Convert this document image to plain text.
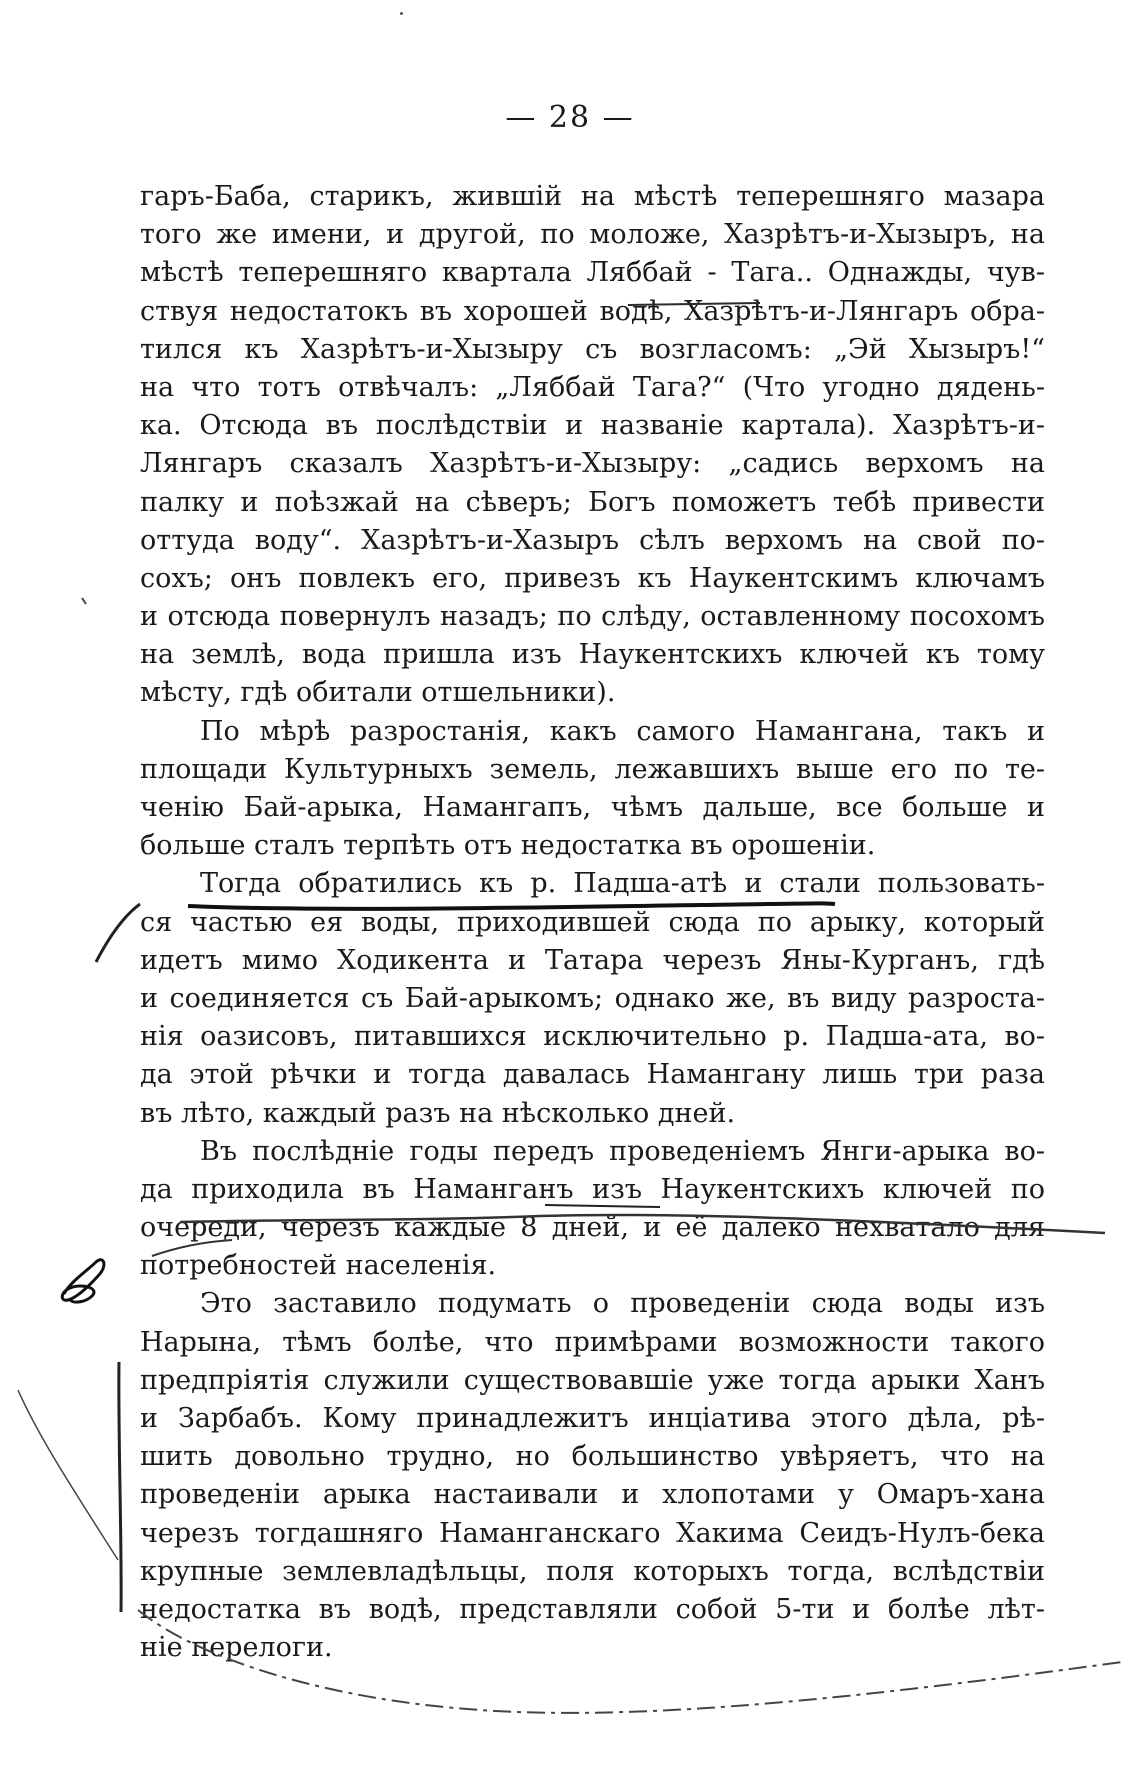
— 28 —
гаръ-Баба, старикъ, жившій на мѣстѣ теперешняго мазара
того же имени, и другой, по моложе, Хазрѣтъ-и-Хызыръ, на
мѣстѣ теперешняго квартала Ляббай - Тага.. Однажды, чув-
ствуя недостатокъ въ хорошей водѣ, Хазрѣтъ-и-Лянгаръ обра-
тился къ Хазрѣтъ-и-Хызыру съ возгласомъ: „Эй Хызыръ!“
на что тотъ отвѣчалъ: „Ляббай Тага?“ (Что угодно дядень-
ка. Отсюда въ послѣдствіи и названіе картала). Хазрѣтъ-и-
Лянгаръ сказалъ Хазрѣтъ-и-Хызыру: „садись верхомъ на
палку и поѣзжай на сѣверъ; Богъ поможетъ тебѣ привести
оттуда воду“. Хазрѣтъ-и-Хазыръ сѣлъ верхомъ на свой по-
сохъ; онъ повлекъ его, привезъ къ Наукентскимъ ключамъ
и отсюда повернулъ назадъ; по слѣду, оставленному посохомъ
на землѣ, вода пришла изъ Наукентскихъ ключей къ тому
мѣсту, гдѣ обитали отшельники).
По мѣрѣ разростанія, какъ самого Намангана, такъ и
площади Культурныхъ земель, лежавшихъ выше его по те-
ченію Бай-арыка, Намангапъ, чѣмъ дальше, все больше и
больше сталъ терпѣть отъ недостатка въ орошеніи.
Тогда обратились къ р. Падша-атѣ и стали пользовать-
ся частью ея воды, приходившей сюда по арыку, который
идетъ мимо Ходикента и Татара черезъ Яны-Курганъ, гдѣ
и соединяется съ Бай-арыкомъ; однако же, въ виду разроста-
нія оазисовъ, питавшихся исключительно р. Падша-ата, во-
да этой рѣчки и тогда давалась Намангану лишь три раза
въ лѣто, каждый разъ на нѣсколько дней.
Въ послѣдніе годы передъ проведеніемъ Янги-арыка во-
да приходила въ Наманганъ изъ Наукентскихъ ключей по
очереди, черезъ каждые 8 дней, и её далеко нехватало для
потребностей населенія.
Это заставило подумать о проведеніи сюда воды изъ
Нарына, тѣмъ болѣе, что примѣрами возможности такого
предпріятія служили существовавшіе уже тогда арыки Ханъ
и Зарбабъ. Кому принадлежитъ инціатива этого дѣла, рѣ-
шить довольно трудно, но большинство увѣряетъ, что на
проведеніи арыка настаивали и хлопотами у Омаръ-хана
черезъ тогдашняго Наманганскаго Хакима Сеидъ-Нулъ-бека
крупные землевладѣльцы, поля которыхъ тогда, вслѣдствіи
недостатка въ водѣ, представляли собой 5-ти и болѣе лѣт-
ніе перелоги.
